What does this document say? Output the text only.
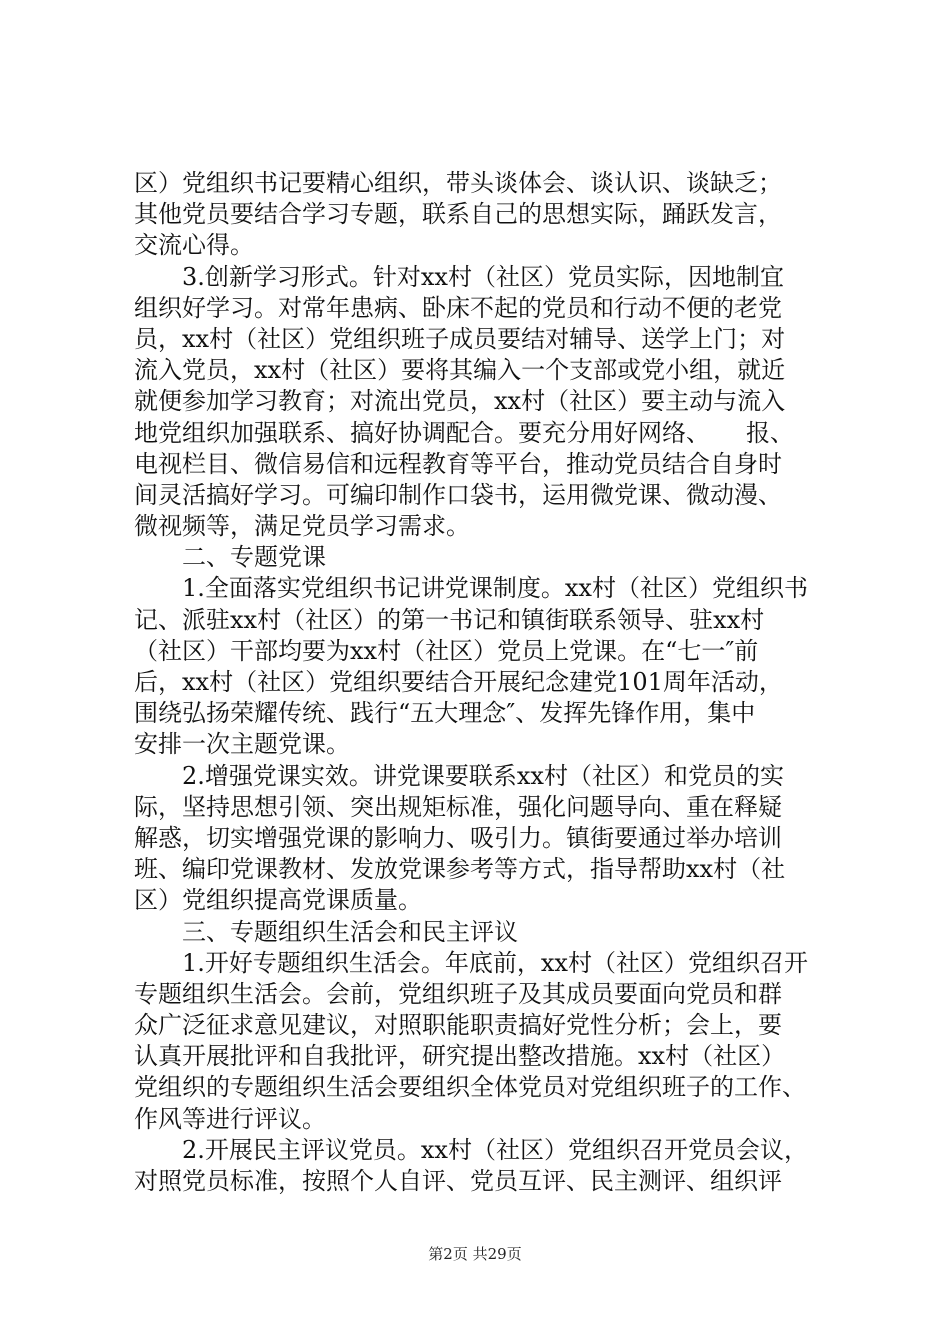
区）党组织书记要精心组织，带头谈体会、谈认识、谈缺乏；
其他党员要结合学习专题，联系自己的思想实际，踊跃发言，
交流心得。
　　3.创新学习形式。针对xx村（社区）党员实际，因地制宜
组织好学习。对常年患病、卧床不起的党员和行动不便的老党
员，xx村（社区）党组织班子成员要结对辅导、送学上门；对
流入党员，xx村（社区）要将其编入一个支部或党小组，就近
就便参加学习教育；对流出党员，xx村（社区）要主动与流入
地党组织加强联系、搞好协调配合。要充分用好网络、　　报、
电视栏目、微信易信和远程教育等平台，推动党员结合自身时
间灵活搞好学习。可编印制作口袋书，运用微党课、微动漫、
微视频等，满足党员学习需求。
　　二、专题党课
　　1.全面落实党组织书记讲党课制度。xx村（社区）党组织书
记、派驻xx村（社区）的第一书记和镇街联系领导、驻xx村
（社区）干部均要为xx村（社区）党员上党课。在“七一″前
后，xx村（社区）党组织要结合开展纪念建党101周年活动，
围绕弘扬荣耀传统、践行“五大理念″、发挥先锋作用，集中
安排一次主题党课。
　　2.增强党课实效。讲党课要联系xx村（社区）和党员的实
际，坚持思想引领、突出规矩标准，强化问题导向、重在释疑
解惑，切实增强党课的影响力、吸引力。镇街要通过举办培训
班、编印党课教材、发放党课参考等方式，指导帮助xx村（社
区）党组织提高党课质量。
　　三、专题组织生活会和民主评议
　　1.开好专题组织生活会。年底前，xx村（社区）党组织召开
专题组织生活会。会前，党组织班子及其成员要面向党员和群
众广泛征求意见建议，对照职能职责搞好党性分析；会上，要
认真开展批评和自我批评，研究提出整改措施。xx村（社区）
党组织的专题组织生活会要组织全体党员对党组织班子的工作、
作风等进行评议。
　　2.开展民主评议党员。xx村（社区）党组织召开党员会议，
对照党员标准，按照个人自评、党员互评、民主测评、组织评
第2页 共29页
